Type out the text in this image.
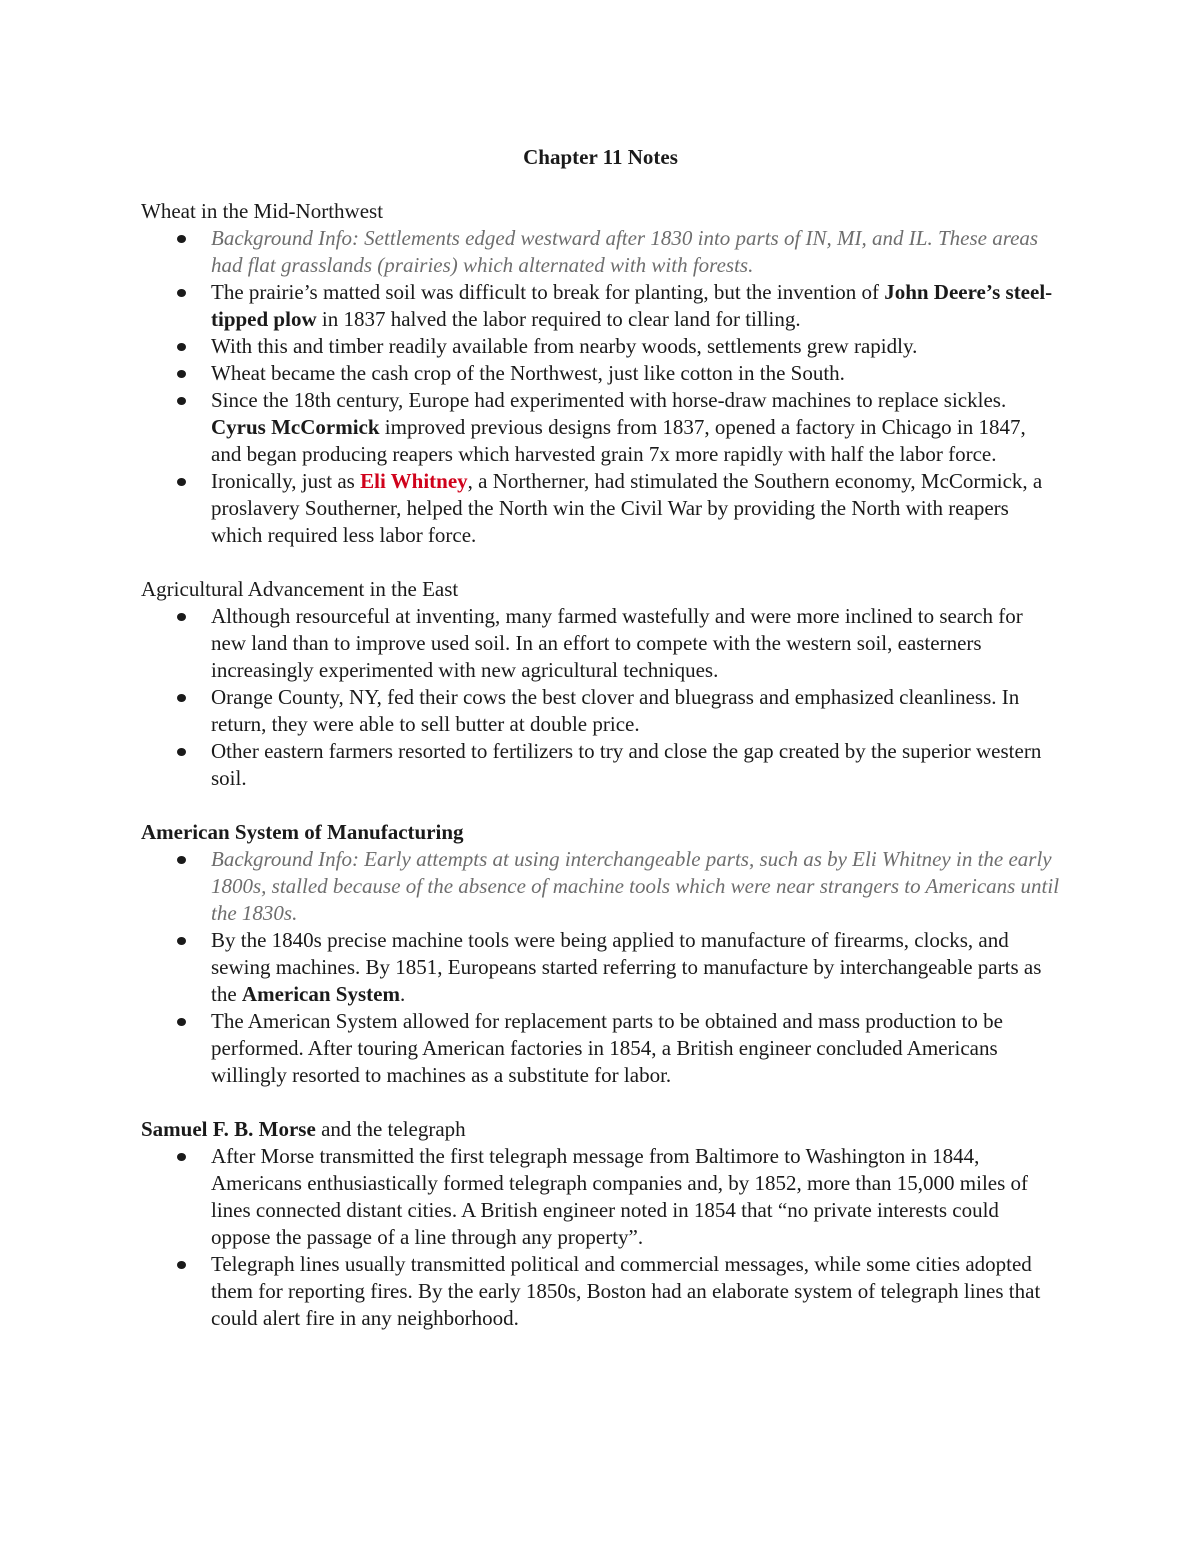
Chapter 11 Notes

Wheat in the Mid-Northwest

Background Info: Settlements edged westward after 1830 into parts of IN, MI, and IL. These areas had flat grasslands (prairies) which alternated with with forests.
The prairie’s matted soil was difficult to break for planting, but the invention of John Deere’s steel-tipped plow in 1837 halved the labor required to clear land for tilling.
With this and timber readily available from nearby woods, settlements grew rapidly.
Wheat became the cash crop of the Northwest, just like cotton in the South.
Since the 18th century, Europe had experimented with horse-draw machines to replace sickles. Cyrus McCormick improved previous designs from 1837, opened a factory in Chicago in 1847, and began producing reapers which harvested grain 7x more rapidly with half the labor force.
Ironically, just as Eli Whitney, a Northerner, had stimulated the Southern economy, McCormick, a proslavery Southerner, helped the North win the Civil War by providing the North with reapers which required less labor force.

Agricultural Advancement in the East

Although resourceful at inventing, many farmed wastefully and were more inclined to search for new land than to improve used soil. In an effort to compete with the western soil, easterners increasingly experimented with new agricultural techniques.
Orange County, NY, fed their cows the best clover and bluegrass and emphasized cleanliness. In return, they were able to sell butter at double price.
Other eastern farmers resorted to fertilizers to try and close the gap created by the superior western soil.

American System of Manufacturing

Background Info: Early attempts at using interchangeable parts, such as by Eli Whitney in the early 1800s, stalled because of the absence of machine tools which were near strangers to Americans until the 1830s.
By the 1840s precise machine tools were being applied to manufacture of firearms, clocks, and sewing machines. By 1851, Europeans started referring to manufacture by interchangeable parts as the American System.
The American System allowed for replacement parts to be obtained and mass production to be performed. After touring American factories in 1854, a British engineer concluded Americans willingly resorted to machines as a substitute for labor.

Samuel F. B. Morse and the telegraph

After Morse transmitted the first telegraph message from Baltimore to Washington in 1844, Americans enthusiastically formed telegraph companies and, by 1852, more than 15,000 miles of lines connected distant cities. A British engineer noted in 1854 that “no private interests could oppose the passage of a line through any property”.
Telegraph lines usually transmitted political and commercial messages, while some cities adopted them for reporting fires. By the early 1850s, Boston had an elaborate system of telegraph lines that could alert fire in any neighborhood.
